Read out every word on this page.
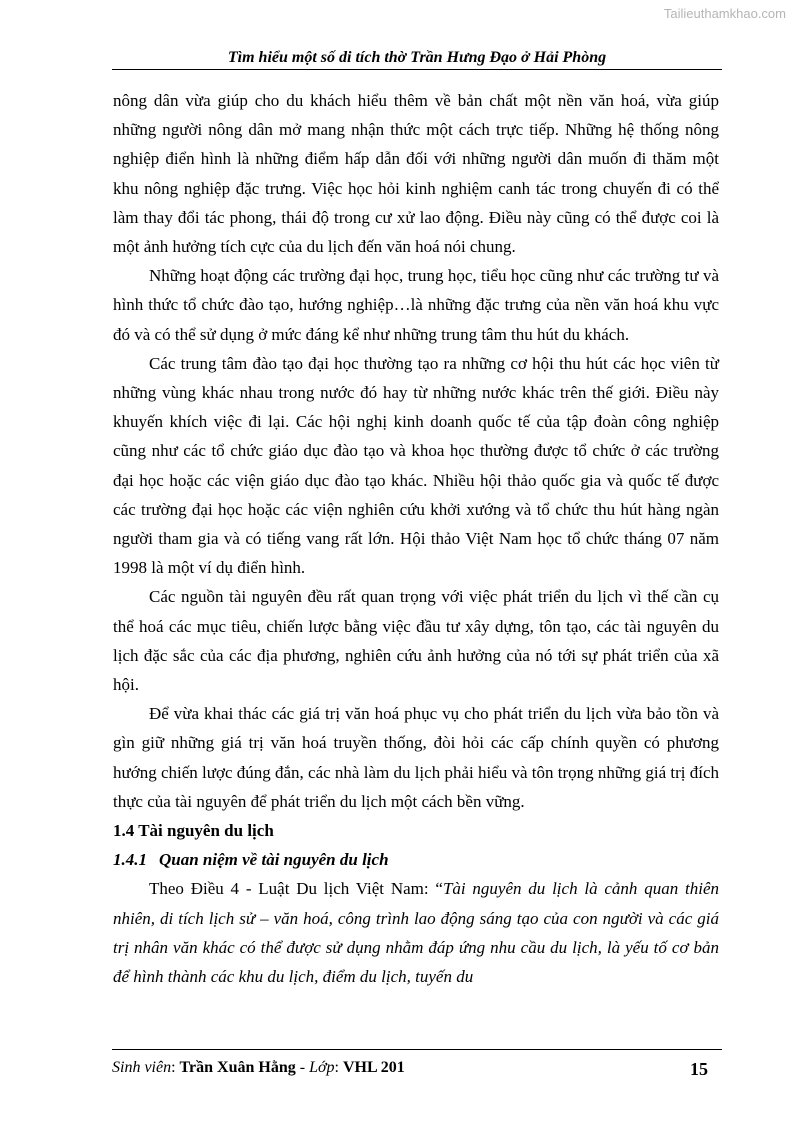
Tailieuthamkhao.com
Tìm hiểu một số di tích thờ Trần Hưng Đạo ở Hải Phòng

nông dân vừa giúp cho du khách hiểu thêm về bản chất một nền văn hoá, vừa giúp những người nông dân mở mang nhận thức một cách trực tiếp. Những hệ thống nông nghiệp điển hình là những điểm hấp dẫn đối với những người dân muốn đi thăm một khu nông nghiệp đặc trưng. Việc học hỏi kinh nghiệm canh tác trong chuyến đi có thể làm thay đổi tác phong, thái độ trong cư xử lao động. Điều này cũng có thể được coi là một ảnh hưởng tích cực của du lịch đến văn hoá nói chung.

Những hoạt động các trường đại học, trung học, tiểu học cũng như các trường tư và hình thức tổ chức đào tạo, hướng nghiệp…là những đặc trưng của nền văn hoá khu vực đó và có thể sử dụng ở mức đáng kể như những trung tâm thu hút du khách.

Các trung tâm đào tạo đại học thường tạo ra những cơ hội thu hút các học viên từ những vùng khác nhau trong nước đó hay từ những nước khác trên thế giới. Điều này khuyến khích việc đi lại. Các hội nghị kinh doanh quốc tế của tập đoàn công nghiệp cũng như các tổ chức giáo dục đào tạo và khoa học thường được tổ chức ở các trường đại học hoặc các viện giáo dục đào tạo khác. Nhiều hội thảo quốc gia và quốc tế được các trường đại học hoặc các viện nghiên cứu khởi xướng và tổ chức thu hút hàng ngàn người tham gia và có tiếng vang rất lớn. Hội thảo Việt Nam học tổ chức tháng 07 năm 1998 là một ví dụ điển hình.

Các nguồn tài nguyên đều rất quan trọng với việc phát triển du lịch vì thế cần cụ thể hoá các mục tiêu, chiến lược bằng việc đầu tư xây dựng, tôn tạo, các tài nguyên du lịch đặc sắc của các địa phương, nghiên cứu ảnh hưởng của nó tới sự phát triển của xã hội.

Để vừa khai thác các giá trị văn hoá phục vụ cho phát triển du lịch vừa bảo tồn và gìn giữ những giá trị văn hoá truyền thống, đòi hỏi các cấp chính quyền có phương hướng chiến lược đúng đắn, các nhà làm du lịch phải hiểu và tôn trọng những giá trị đích thực của tài nguyên để phát triển du lịch một cách bền vững.

1.4 Tài nguyên du lịch

1.4.1 Quan niệm về tài nguyên du lịch

Theo Điều 4 - Luật Du lịch Việt Nam: “Tài nguyên du lịch là cảnh quan thiên nhiên, di tích lịch sử – văn hoá, công trình lao động sáng tạo của con người và các giá trị nhân văn khác có thể được sử dụng nhằm đáp ứng nhu cầu du lịch, là yếu tố cơ bản để hình thành các khu du lịch, điểm du lịch, tuyến du

Sinh viên: Trần Xuân Hằng - Lớp: VHL 201	15
